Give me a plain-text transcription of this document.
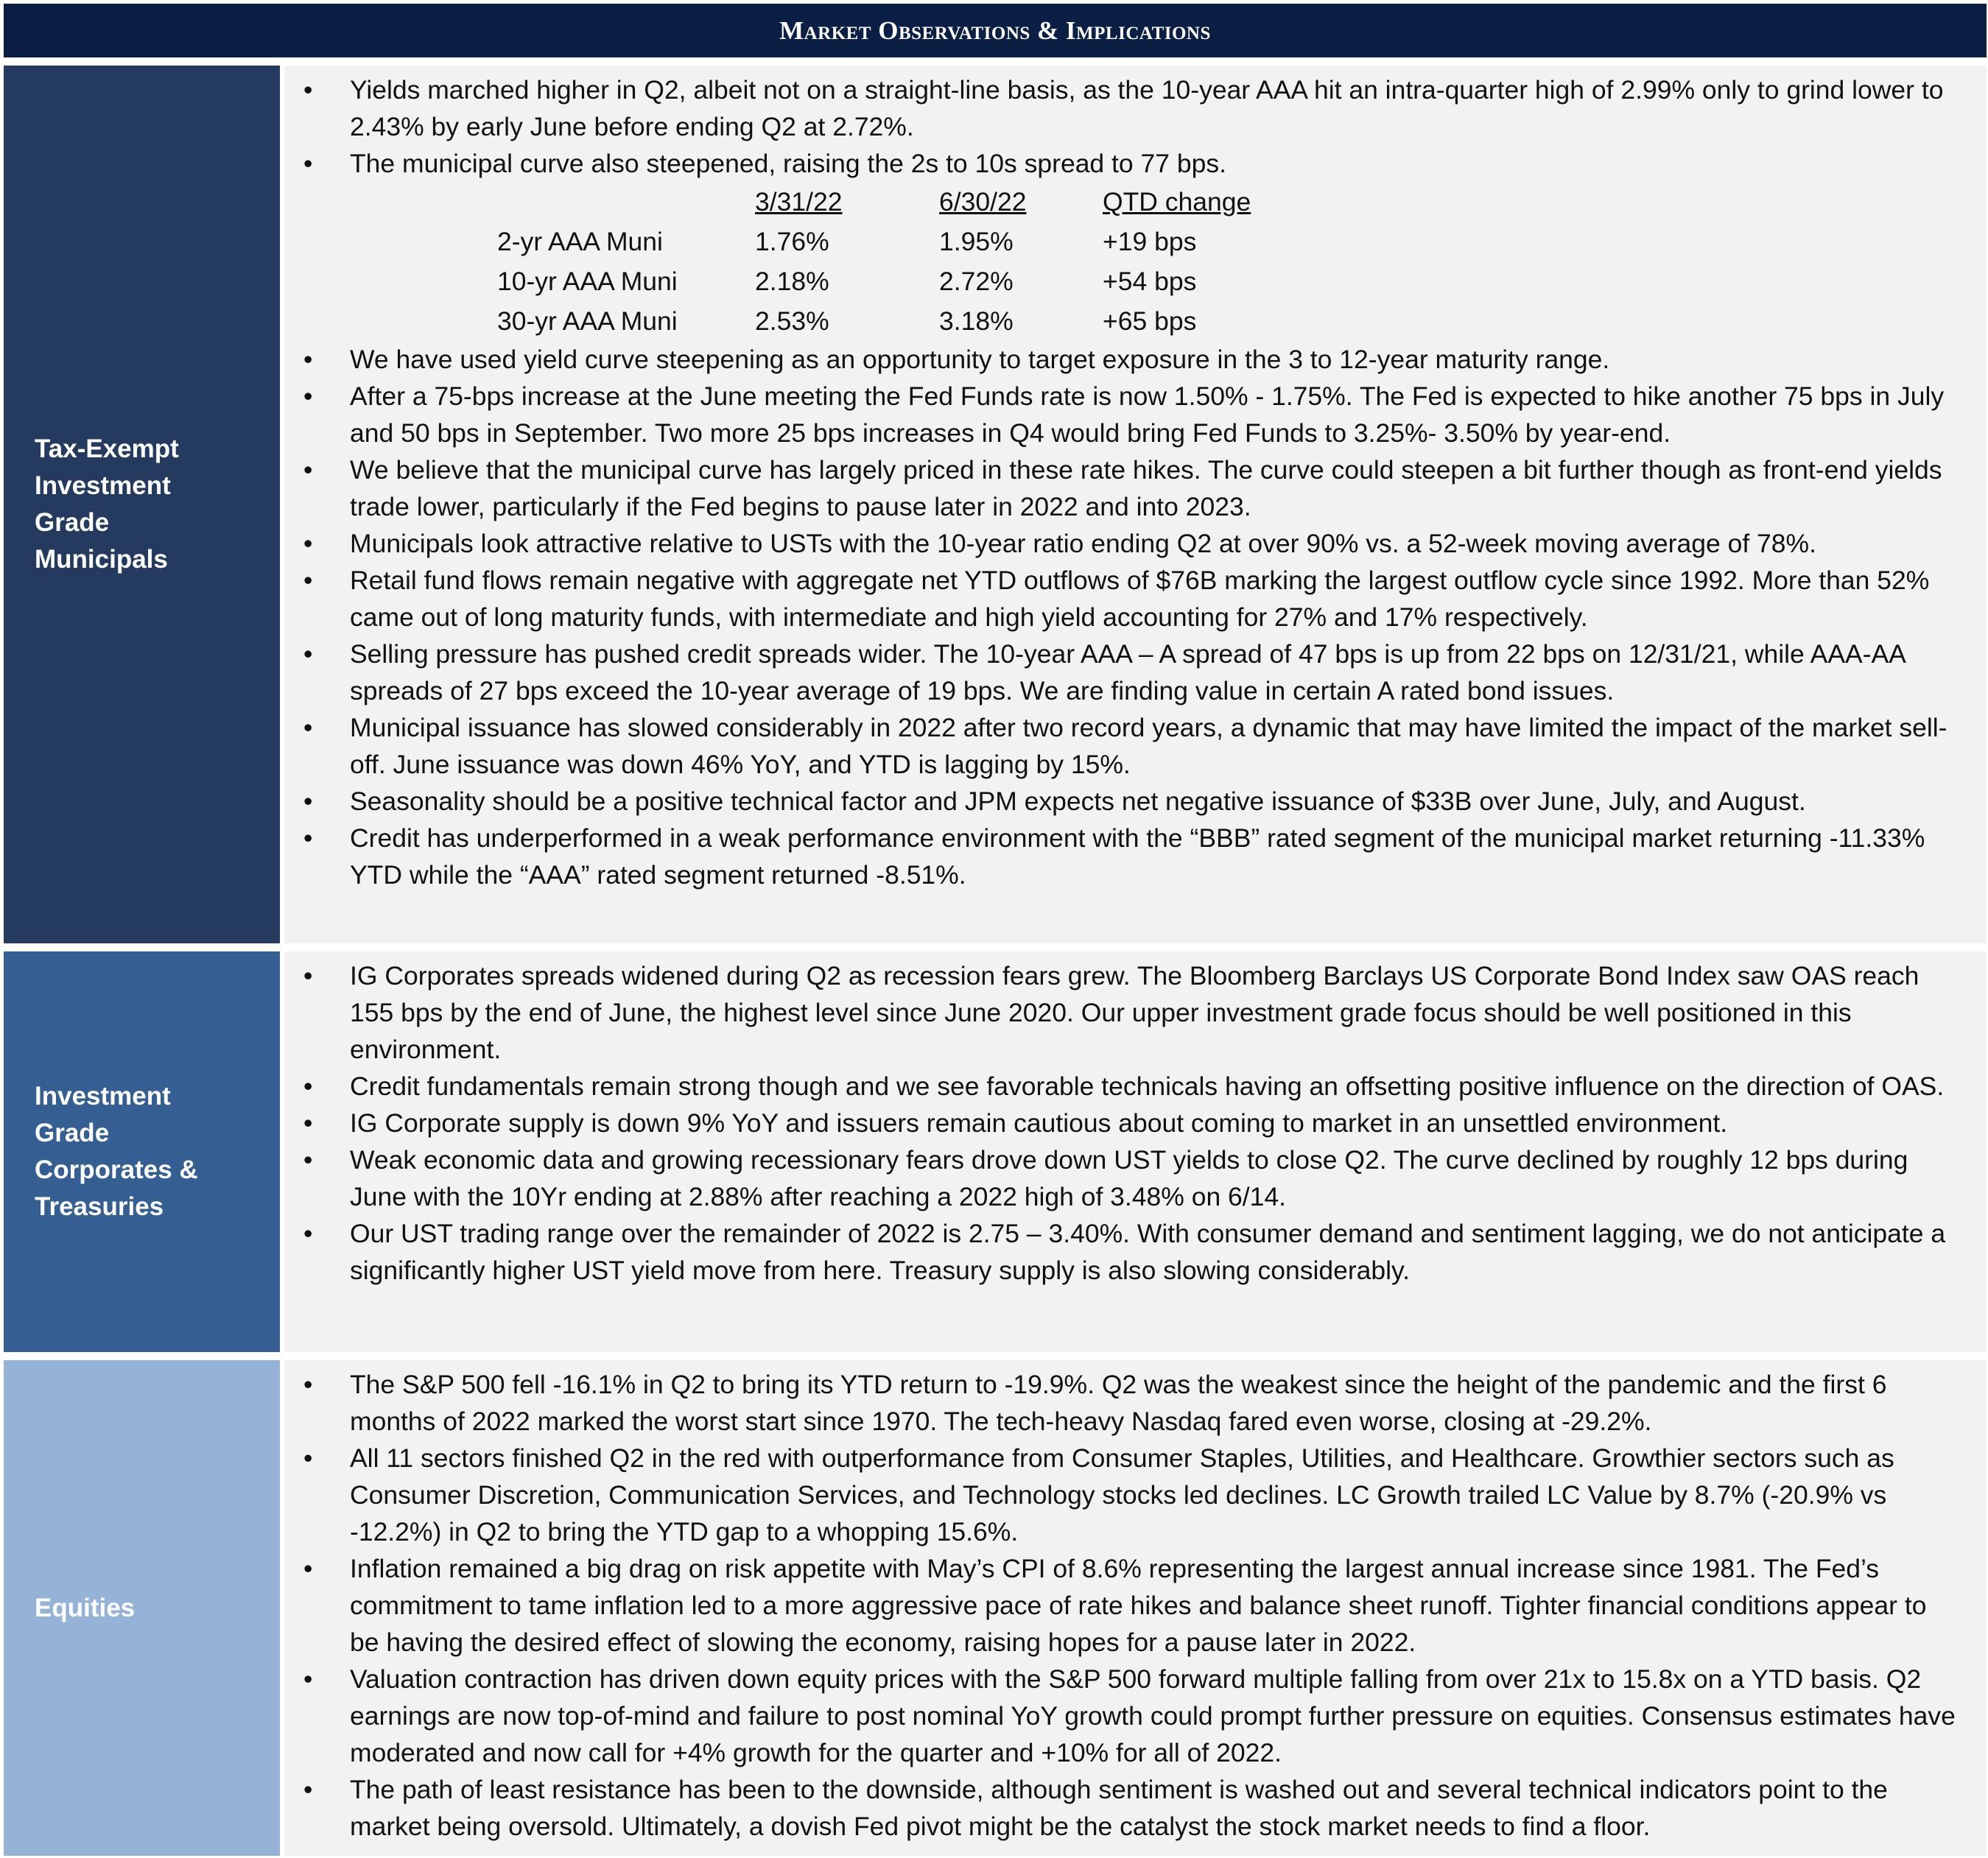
Market Observations & Implications
Tax-Exempt
Investment
Grade
Municipals
• Yields marched higher in Q2, albeit not on a straight-line basis, as the 10-year AAA hit an intra-quarter high of 2.99% only to grind lower to 2.43% by early June before ending Q2 at 2.72%.
• The municipal curve also steepened, raising the 2s to 10s spread to 77 bps.
	3/31/22	6/30/22	QTD change
2-yr AAA Muni	1.76%	1.95%	+19 bps
10-yr AAA Muni	2.18%	2.72%	+54 bps
30-yr AAA Muni	2.53%	3.18%	+65 bps
• We have used yield curve steepening as an opportunity to target exposure in the 3 to 12-year maturity range.
• After a 75-bps increase at the June meeting the Fed Funds rate is now 1.50% - 1.75%. The Fed is expected to hike another 75 bps in July and 50 bps in September. Two more 25 bps increases in Q4 would bring Fed Funds to 3.25%- 3.50% by year-end.
• We believe that the municipal curve has largely priced in these rate hikes. The curve could steepen a bit further though as front-end yields trade lower, particularly if the Fed begins to pause later in 2022 and into 2023.
• Municipals look attractive relative to USTs with the 10-year ratio ending Q2 at over 90% vs. a 52-week moving average of 78%.
• Retail fund flows remain negative with aggregate net YTD outflows of $76B marking the largest outflow cycle since 1992. More than 52% came out of long maturity funds, with intermediate and high yield accounting for 27% and 17% respectively.
• Selling pressure has pushed credit spreads wider. The 10-year AAA – A spread of 47 bps is up from 22 bps on 12/31/21, while AAA-AA spreads of 27 bps exceed the 10-year average of 19 bps. We are finding value in certain A rated bond issues.
• Municipal issuance has slowed considerably in 2022 after two record years, a dynamic that may have limited the impact of the market sell-off. June issuance was down 46% YoY, and YTD is lagging by 15%.
• Seasonality should be a positive technical factor and JPM expects net negative issuance of $33B over June, July, and August.
• Credit has underperformed in a weak performance environment with the “BBB” rated segment of the municipal market returning -11.33% YTD while the “AAA” rated segment returned -8.51%.
Investment
Grade
Corporates &
Treasuries
• IG Corporates spreads widened during Q2 as recession fears grew. The Bloomberg Barclays US Corporate Bond Index saw OAS reach 155 bps by the end of June, the highest level since June 2020. Our upper investment grade focus should be well positioned in this environment.
• Credit fundamentals remain strong though and we see favorable technicals having an offsetting positive influence on the direction of OAS.
• IG Corporate supply is down 9% YoY and issuers remain cautious about coming to market in an unsettled environment.
• Weak economic data and growing recessionary fears drove down UST yields to close Q2. The curve declined by roughly 12 bps during June with the 10Yr ending at 2.88% after reaching a 2022 high of 3.48% on 6/14.
• Our UST trading range over the remainder of 2022 is 2.75 – 3.40%. With consumer demand and sentiment lagging, we do not anticipate a significantly higher UST yield move from here. Treasury supply is also slowing considerably.
Equities
• The S&P 500 fell -16.1% in Q2 to bring its YTD return to -19.9%. Q2 was the weakest since the height of the pandemic and the first 6 months of 2022 marked the worst start since 1970. The tech-heavy Nasdaq fared even worse, closing at -29.2%.
• All 11 sectors finished Q2 in the red with outperformance from Consumer Staples, Utilities, and Healthcare. Growthier sectors such as Consumer Discretion, Communication Services, and Technology stocks led declines. LC Growth trailed LC Value by 8.7% (-20.9% vs -12.2%) in Q2 to bring the YTD gap to a whopping 15.6%.
• Inflation remained a big drag on risk appetite with May’s CPI of 8.6% representing the largest annual increase since 1981. The Fed’s commitment to tame inflation led to a more aggressive pace of rate hikes and balance sheet runoff. Tighter financial conditions appear to be having the desired effect of slowing the economy, raising hopes for a pause later in 2022.
• Valuation contraction has driven down equity prices with the S&P 500 forward multiple falling from over 21x to 15.8x on a YTD basis. Q2 earnings are now top-of-mind and failure to post nominal YoY growth could prompt further pressure on equities. Consensus estimates have moderated and now call for +4% growth for the quarter and +10% for all of 2022.
• The path of least resistance has been to the downside, although sentiment is washed out and several technical indicators point to the market being oversold. Ultimately, a dovish Fed pivot might be the catalyst the stock market needs to find a floor.
